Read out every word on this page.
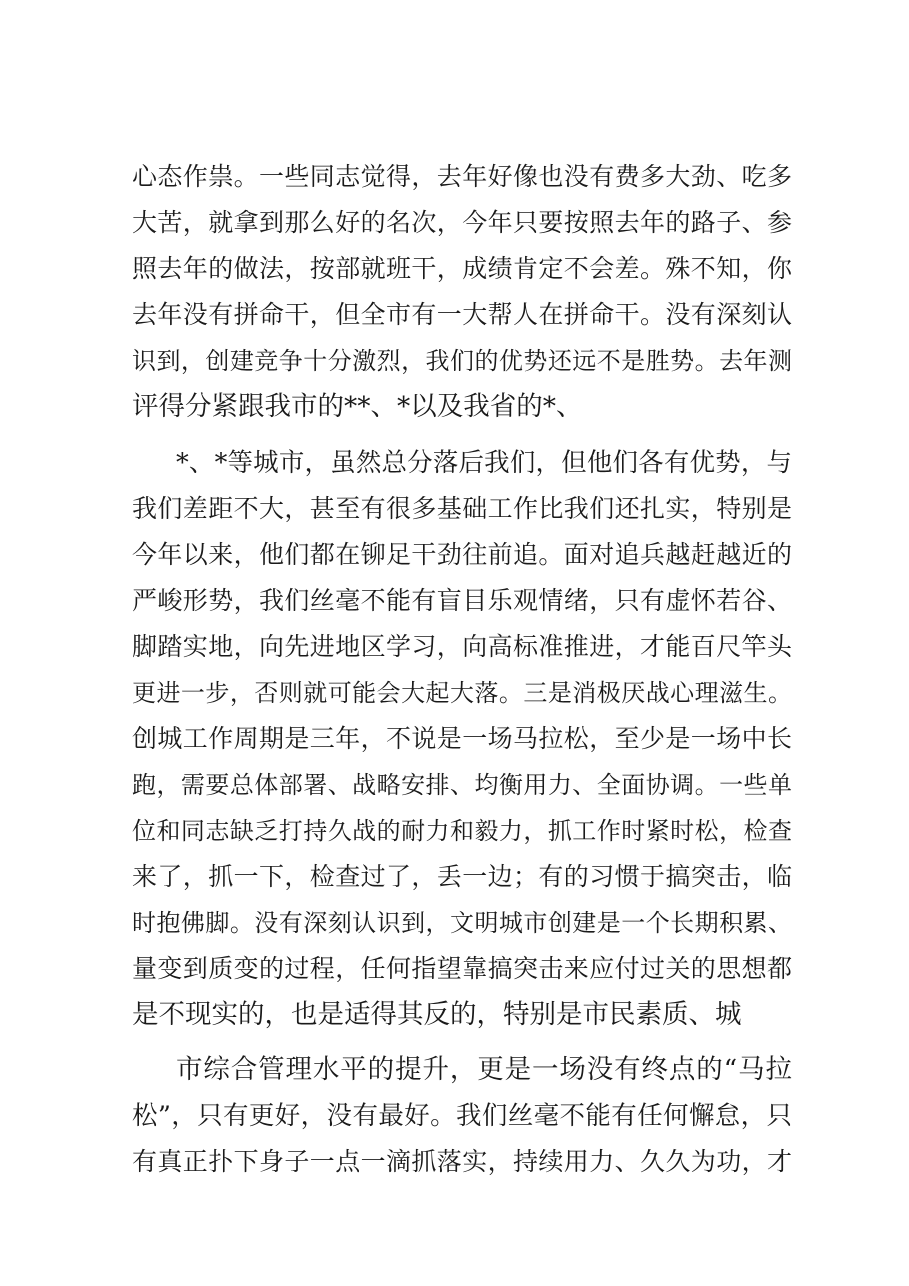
心态作祟。一些同志觉得，去年好像也没有费多大劲、吃多
大苦，就拿到那么好的名次，今年只要按照去年的路子、参
照去年的做法，按部就班干，成绩肯定不会差。殊不知，你
去年没有拼命干，但全市有一大帮人在拼命干。没有深刻认
识到，创建竞争十分激烈，我们的优势还远不是胜势。去年测
评得分紧跟我市的**、*以及我省的*、
*、*等城市，虽然总分落后我们，但他们各有优势，与
我们差距不大，甚至有很多基础工作比我们还扎实，特别是
今年以来，他们都在铆足干劲往前追。面对追兵越赶越近的
严峻形势，我们丝毫不能有盲目乐观情绪，只有虚怀若谷、
脚踏实地，向先进地区学习，向高标准推进，才能百尺竿头
更进一步，否则就可能会大起大落。三是消极厌战心理滋生。
创城工作周期是三年，不说是一场马拉松，至少是一场中长
跑，需要总体部署、战略安排、均衡用力、全面协调。一些单
位和同志缺乏打持久战的耐力和毅力，抓工作时紧时松，检查
来了，抓一下，检查过了，丢一边；有的习惯于搞突击，临
时抱佛脚。没有深刻认识到，文明城市创建是一个长期积累、
量变到质变的过程，任何指望靠搞突击来应付过关的思想都
是不现实的，也是适得其反的，特别是市民素质、城
市综合管理水平的提升，更是一场没有终点的“马拉
松”，只有更好，没有最好。我们丝毫不能有任何懈怠，只
有真正扑下身子一点一滴抓落实，持续用力、久久为功，才
